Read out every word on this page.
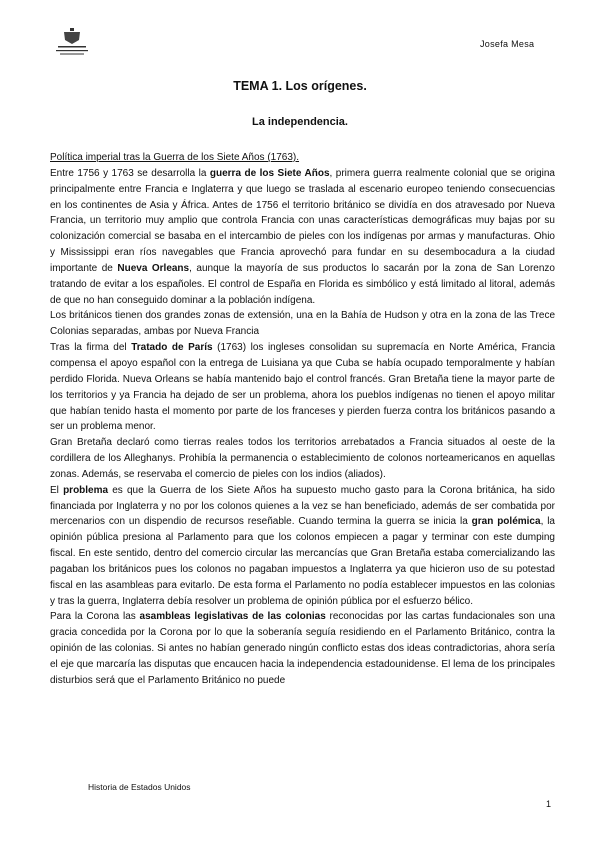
Josefa Mesa
TEMA 1. Los orígenes.
La independencia.

Política imperial tras la Guerra de los Siete Años (1763).

Entre 1756 y 1763 se desarrolla la guerra de los Siete Años, primera guerra realmente colonial que se origina principalmente entre Francia e Inglaterra y que luego se traslada al escenario europeo teniendo consecuencias en los continentes de Asia y África. Antes de 1756 el territorio británico se dividía en dos atravesado por Nueva Francia, un territorio muy amplio que controla Francia con unas características demográficas muy bajas por su colonización comercial se basaba en el intercambio de pieles con los indígenas por armas y manufacturas. Ohio y Mississippi eran ríos navegables que Francia aprovechó para fundar en su desembocadura a la ciudad importante de Nueva Orleans, aunque la mayoría de sus productos lo sacarán por la zona de San Lorenzo tratando de evitar a los españoles. El control de España en Florida es simbólico y está limitado al litoral, además de que no han conseguido dominar a la población indígena.

Los británicos tienen dos grandes zonas de extensión, una en la Bahía de Hudson y otra en la zona de las Trece Colonias separadas, ambas por Nueva Francia

Tras la firma del Tratado de París (1763) los ingleses consolidan su supremacía en Norte América, Francia compensa el apoyo español con la entrega de Luisiana ya que Cuba se había ocupado temporalmente y habían perdido Florida. Nueva Orleans se había mantenido bajo el control francés. Gran Bretaña tiene la mayor parte de los territorios y ya Francia ha dejado de ser un problema, ahora los pueblos indígenas no tienen el apoyo militar que habían tenido hasta el momento por parte de los franceses y pierden fuerza contra los británicos pasando a ser un problema menor.

Gran Bretaña declaró como tierras reales todos los territorios arrebatados a Francia situados al oeste de la cordillera de los Alleghanys. Prohibía la permanencia o establecimiento de colonos norteamericanos en aquellas zonas. Además, se reservaba el comercio de pieles con los indios (aliados).

El problema es que la Guerra de los Siete Años ha supuesto mucho gasto para la Corona británica, ha sido financiada por Inglaterra y no por los colonos quienes a la vez se han beneficiado, además de ser combatida por mercenarios con un dispendio de recursos reseñable. Cuando termina la guerra se inicia la gran polémica, la opinión pública presiona al Parlamento para que los colonos empiecen a pagar y terminar con este dumping fiscal. En este sentido, dentro del comercio circular las mercancías que Gran Bretaña estaba comercializando las pagaban los británicos pues los colonos no pagaban impuestos a Inglaterra ya que hicieron uso de su potestad fiscal en las asambleas para evitarlo. De esta forma el Parlamento no podía establecer impuestos en las colonias y tras la guerra, Inglaterra debía resolver un problema de opinión pública por el esfuerzo bélico.

Para la Corona las asambleas legislativas de las colonias reconocidas por las cartas fundacionales son una gracia concedida por la Corona por lo que la soberanía seguía residiendo en el Parlamento Británico, contra la opinión de las colonias. Si antes no habían generado ningún conflicto estas dos ideas contradictorias, ahora sería el eje que marcaría las disputas que encaucen hacia la independencia estadounidense. El lema de los principales disturbios será que el Parlamento Británico no puede

Historia de Estados Unidos
1
